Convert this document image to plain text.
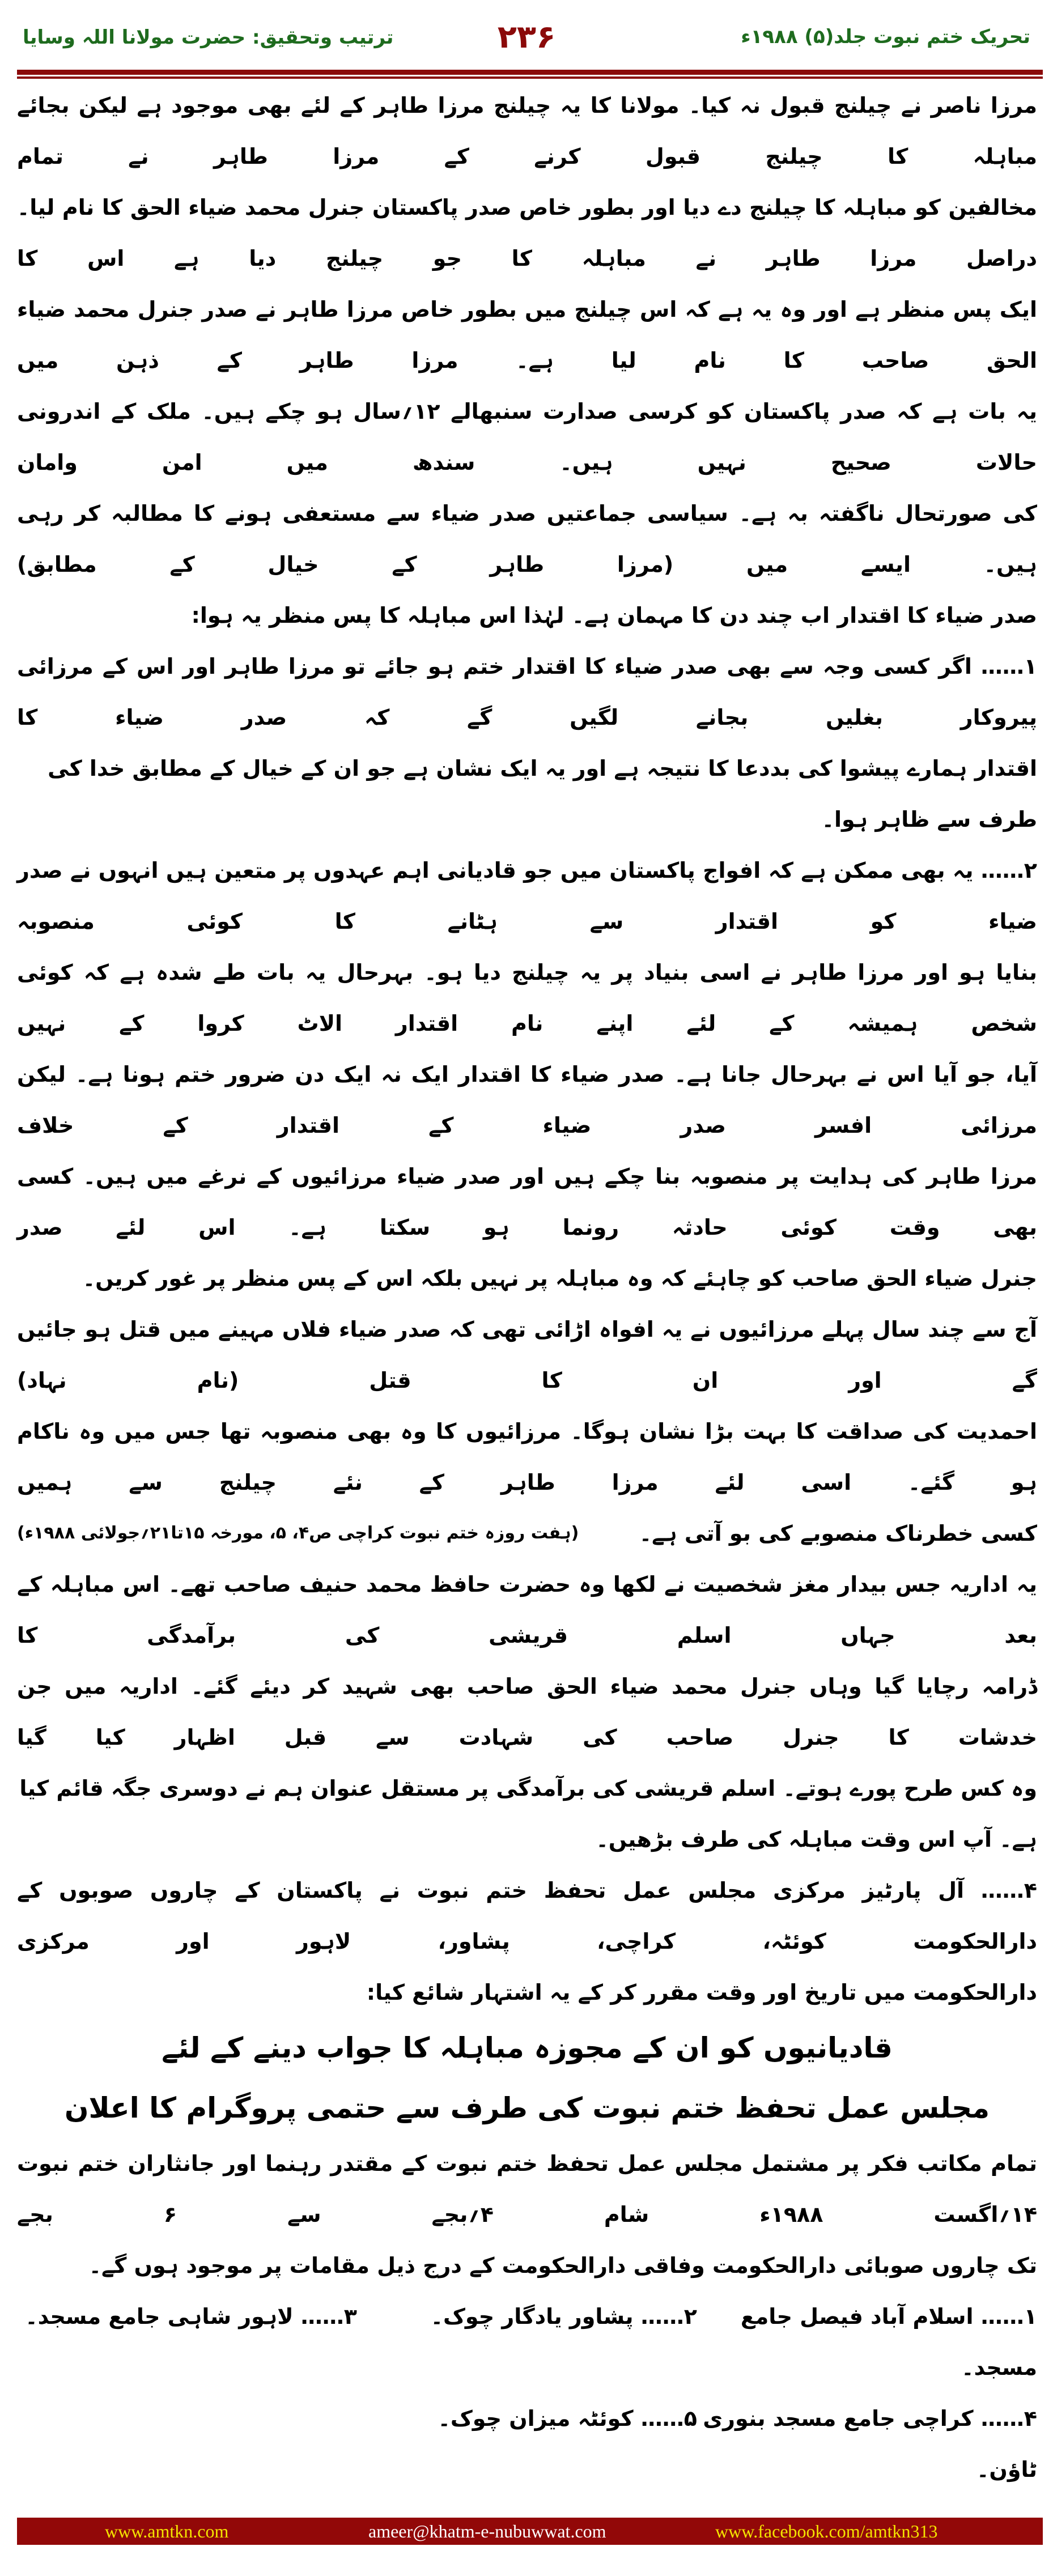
تحریک ختم نبوت جلد(۵) ۱۹۸۸ء
۲۳۶
ترتیب وتحقیق: حضرت مولانا اللہ وسایا
مرزا ناصر نے چیلنج قبول نہ کیا۔ مولانا کا یہ چیلنج مرزا طاہر کے لئے بھی موجود ہے لیکن بجائے مباہلہ کا چیلنج قبول کرنے کے مرزا طاہر نے تمام
مخالفین کو مباہلہ کا چیلنج دے دیا اور بطور خاص صدر پاکستان جنرل محمد ضیاء الحق کا نام لیا۔ دراصل مرزا طاہر نے مباہلہ کا جو چیلنج دیا ہے اس کا
ایک پس منظر ہے اور وہ یہ ہے کہ اس چیلنج میں بطور خاص مرزا طاہر نے صدر جنرل محمد ضیاء الحق صاحب کا نام لیا ہے۔ مرزا طاہر کے ذہن میں
یہ بات ہے کہ صدر پاکستان کو کرسی صدارت سنبھالے ۱۲؍سال ہو چکے ہیں۔ ملک کے اندرونی حالات صحیح نہیں ہیں۔ سندھ میں امن وامان
کی صورتحال ناگفتہ بہ ہے۔ سیاسی جماعتیں صدر ضیاء سے مستعفی ہونے کا مطالبہ کر رہی ہیں۔ ایسے میں (مرزا طاہر کے خیال کے مطابق)
صدر ضیاء کا اقتدار اب چند دن کا مہمان ہے۔ لہٰذا اس مباہلہ کا پس منظر یہ ہوا:
۱…… اگر کسی وجہ سے بھی صدر ضیاء کا اقتدار ختم ہو جائے تو مرزا طاہر اور اس کے مرزائی پیروکار بغلیں بجانے لگیں گے کہ صدر ضیاء کا
اقتدار ہمارے پیشوا کی بددعا کا نتیجہ ہے اور یہ ایک نشان ہے جو ان کے خیال کے مطابق خدا کی طرف سے ظاہر ہوا۔
۲…… یہ بھی ممکن ہے کہ افواج پاکستان میں جو قادیانی اہم عہدوں پر متعین ہیں انہوں نے صدر ضیاء کو اقتدار سے ہٹانے کا کوئی منصوبہ
بنایا ہو اور مرزا طاہر نے اسی بنیاد پر یہ چیلنج دیا ہو۔ بہرحال یہ بات طے شدہ ہے کہ کوئی شخص ہمیشہ کے لئے اپنے نام اقتدار الاٹ کروا کے نہیں
آیا، جو آیا اس نے بہرحال جانا ہے۔ صدر ضیاء کا اقتدار ایک نہ ایک دن ضرور ختم ہونا ہے۔ لیکن مرزائی افسر صدر ضیاء کے اقتدار کے خلاف
مرزا طاہر کی ہدایت پر منصوبہ بنا چکے ہیں اور صدر ضیاء مرزائیوں کے نرغے میں ہیں۔ کسی بھی وقت کوئی حادثہ رونما ہو سکتا ہے۔ اس لئے صدر
جنرل ضیاء الحق صاحب کو چاہئے کہ وہ مباہلہ پر نہیں بلکہ اس کے پس منظر پر غور کریں۔
آج سے چند سال پہلے مرزائیوں نے یہ افواہ اڑائی تھی کہ صدر ضیاء فلاں مہینے میں قتل ہو جائیں گے اور ان کا قتل (نام نہاد)
احمدیت کی صداقت کا بہت بڑا نشان ہوگا۔ مرزائیوں کا وہ بھی منصوبہ تھا جس میں وہ ناکام ہو گئے۔ اسی لئے مرزا طاہر کے نئے چیلنج سے ہمیں
کسی خطرناک منصوبے کی بو آتی ہے۔
(ہفت روزہ ختم نبوت کراچی ص۴، ۵، مورخہ ۱۵تا۲۱؍جولائی ۱۹۸۸ء)
یہ اداریہ جس بیدار مغز شخصیت نے لکھا وہ حضرت حافظ محمد حنیف صاحب تھے۔ اس مباہلہ کے بعد جہاں اسلم قریشی کی برآمدگی کا
ڈرامہ رچایا گیا وہاں جنرل محمد ضیاء الحق صاحب بھی شہید کر دیئے گئے۔ اداریہ میں جن خدشات کا جنرل صاحب کی شہادت سے قبل اظہار کیا گیا
وہ کس طرح پورے ہوتے۔ اسلم قریشی کی برآمدگی پر مستقل عنوان ہم نے دوسری جگہ قائم کیا ہے۔ آپ اس وقت مباہلہ کی طرف بڑھیں۔
۴…… آل پارٹیز مرکزی مجلس عمل تحفظ ختم نبوت نے پاکستان کے چاروں صوبوں کے دارالحکومت کوئٹہ، کراچی، پشاور، لاہور اور مرکزی
دارالحکومت میں تاریخ اور وقت مقرر کر کے یہ اشتہار شائع کیا:
قادیانیوں کو ان کے مجوزہ مباہلہ کا جواب دینے کے لئے
مجلس عمل تحفظ ختم نبوت کی طرف سے حتمی پروگرام کا اعلان
تمام مکاتب فکر پر مشتمل مجلس عمل تحفظ ختم نبوت کے مقتدر رہنما اور جانثاران ختم نبوت ۱۴؍اگست ۱۹۸۸ء شام ۴؍بجے سے ۶ بجے
تک چاروں صوبائی دارالحکومت وفاقی دارالحکومت کے درج ذیل مقامات پر موجود ہوں گے۔
۱…… اسلام آباد فیصل جامع مسجد۔
۲…… پشاور یادگار چوک۔
۳…… لاہور شاہی جامع مسجد۔
۴…… کراچی جامع مسجد بنوری ٹاؤن۔
۵…… کوئٹہ میزان چوک۔
www.amtkn.com	ameer@khatm-e-nubuwwat.com	www.facebook.com/amtkn313
